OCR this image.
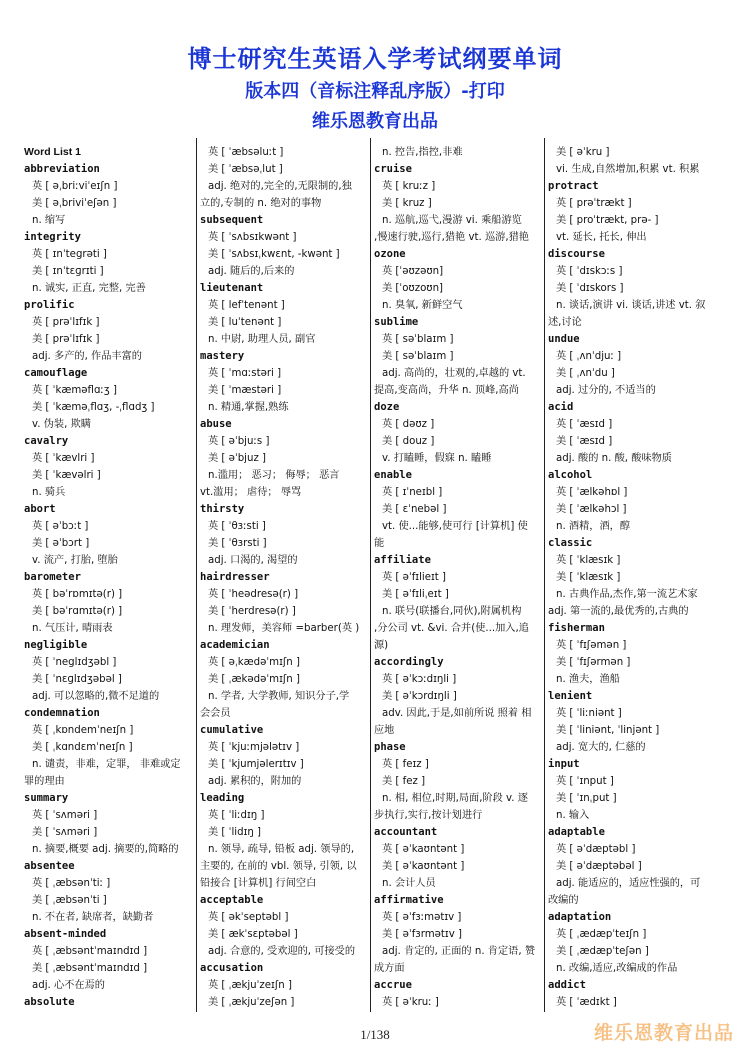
博士研究生英语入学考试纲要单词
版本四（音标注释乱序版）-打印
维乐恩教育出品
Word List 1
abbreviation
英 [ əˌbriːviˈeɪʃn ]
美 [ əˌbriviˈeʃən ]
n. 缩写
integrity
英 [ ɪnˈtegrəti ]
美 [ ɪnˈtɛɡrɪti ]
n. 诚实, 正直, 完整, 完善
prolific
英 [ prəˈlɪfɪk ]
美 [ prəˈlɪfɪk ]
adj. 多产的, 作品丰富的
camouflage
英 [ ˈkæməflɑːʒ ]
美 [ ˈkæməˌflɑʒ, -ˌflɑdʒ ]
v. 伪装, 欺瞒
cavalry
英 [ ˈkævlri ]
美 [ ˈkævəlri ]
n. 骑兵
abort
英 [ əˈbɔːt ]
美 [ əˈbɔrt ]
v. 流产, 打胎, 堕胎
barometer
英 [ bəˈrɒmɪtə(r) ]
美 [ bəˈrɑmɪtə(r) ]
n. 气压计, 晴雨表
negligible
英 [ ˈneglɪdʒəbl ]
美 [ ˈnɛɡlɪdʒəbəl ]
adj. 可以忽略的,微不足道的
condemnation
英 [ ˌkɒndemˈneɪʃn ]
美 [ ˌkɑndɛmˈneɪʃn ]
n. 谴责，非难，定罪， 非难或定
罪的理由
summary
英 [ ˈsʌməri ]
美 [ ˈsʌməri ]
n. 摘要,概要 adj. 摘要的,简略的
absentee
英 [ ˌæbsənˈtiː ]
美 [ ˌæbsənˈti ]
n. 不在者, 缺席者，缺勤者
absent-minded
英 [ ˌæbsəntˈmaɪndɪd ]
美 [ ˌæbsəntˈmaɪndɪd ]
adj. 心不在焉的
absolute
英 [ ˈæbsəluːt ]
美 [ ˈæbsəˌlut ]
adj. 绝对的,完全的,无限制的,独
立的,专制的 n. 绝对的事物
subsequent
英 [ ˈsʌbsɪkwənt ]
美 [ ˈsʌbsɪˌkwɛnt, -kwənt ]
adj. 随后的,后来的
lieutenant
英 [ lefˈtenənt ]
美 [ luˈtenənt ]
n. 中尉, 助理人员, 副官
mastery
英 [ ˈmɑːstəri ]
美 [ ˈmæstəri ]
n. 精通,掌握,熟练
abuse
英 [ əˈbjuːs ]
美 [ əˈbjuz ]
n.滥用； 恶习； 侮辱； 恶言
vt.滥用； 虐待； 辱骂
thirsty
英 [ ˈθɜːsti ]
美 [ ˈθɜrsti ]
adj. 口渴的, 渴望的
hairdresser
英 [ ˈheədresə(r) ]
美 [ ˈherdresə(r) ]
n. 理发师，美容师 =barber(英 )
academician
英 [ əˌkædəˈmɪʃn ]
美 [ ˌækədəˈmɪʃn ]
n. 学者, 大学教师, 知识分子,学
会会员
cumulative
英 [ ˈkjuːmjələtɪv ]
美 [ ˈkjumjəlerɪtɪv ]
adj. 累积的，附加的
leading
英 [ ˈliːdɪŋ ]
美 [ ˈlidɪŋ ]
n. 领导, 疏导, 铅板 adj. 领导的,
主要的, 在前的 vbl. 领导, 引领, 以
铅接合 [计算机] 行间空白
acceptable
英 [ əkˈseptəbl ]
美 [ ækˈsɛptəbəl ]
adj. 合意的, 受欢迎的, 可接受的
accusation
英 [ ˌækjuˈzeɪʃn ]
美 [ ˌækjuˈzeʃən ]
n. 控告,指控,非难
cruise
英 [ kruːz ]
美 [ kruz ]
n. 巡航,巡弋,漫游 vi. 乘船游览
,慢速行驶,巡行,猎艳 vt. 巡游,猎艳
ozone
英 [ˈəʊzəʊn]
美 [ˈoʊzoʊn]
n. 臭氧, 新鲜空气
sublime
英 [ səˈblaɪm ]
美 [ səˈblaɪm ]
adj. 高尚的，壮观的,卓越的 vt.
提高,变高尚，升华 n. 顶峰,高尚
doze
英 [ dəʊz ]
美 [ douz ]
v. 打瞌睡，假寐 n. 瞌睡
enable
英 [ ɪˈneɪbl ]
美 [ ɛˈnebəl ]
vt. 使...能够,使可行 [计算机] 使
能
affiliate
英 [ əˈfɪlieɪt ]
美 [ əˈfɪliˌeɪt ]
n. 联号(联播台,同伙),附属机构
,分公司 vt. &vi. 合并(使...加入,追
源)
accordingly
英 [ əˈkɔːdɪŋli ]
美 [ əˈkɔrdɪŋli ]
adv. 因此,于是,如前所说 照着 相
应地
phase
英 [ feɪz ]
美 [ fez ]
n. 相, 相位,时期,局面,阶段 v. 逐
步执行,实行,按计划进行
accountant
英 [ əˈkaʊntənt ]
美 [ əˈkaʊntənt ]
n. 会计人员
affirmative
英 [ əˈfɜːmətɪv ]
美 [ əˈfɜrmətɪv ]
adj. 肯定的, 正面的 n. 肯定语, 赞
成方面
accrue
英 [ əˈkruː ]
美 [ əˈkru ]
vi. 生成,自然增加,积累 vt. 积累
protract
英 [ prəˈtrækt ]
美 [ proˈtrækt, prə- ]
vt. 延长, 托长, 伸出
discourse
英 [ ˈdɪskɔːs ]
美 [ ˈdɪskors ]
n. 谈话,演讲 vi. 谈话,讲述 vt. 叙
述,讨论
undue
英 [ ˌʌnˈdjuː ]
美 [ ˌʌnˈdu ]
adj. 过分的, 不适当的
acid
英 [ ˈæsɪd ]
美 [ ˈæsɪd ]
adj. 酸的 n. 酸, 酸味物质
alcohol
英 [ ˈælkəhɒl ]
美 [ ˈælkəhɔl ]
n. 酒精，酒，醇
classic
英 [ ˈklæsɪk ]
美 [ ˈklæsɪk ]
n. 古典作品,杰作,第一流艺术家
adj. 第一流的,最优秀的,古典的
fisherman
英 [ ˈfɪʃəmən ]
美 [ ˈfɪʃərmən ]
n. 渔夫，渔船
lenient
英 [ ˈliːniənt ]
美 [ ˈliniənt, ˈlinjənt ]
adj. 宽大的, 仁慈的
input
英 [ ˈɪnput ]
美 [ ˈɪnˌput ]
n. 输入
adaptable
英 [ əˈdæptəbl ]
美 [ əˈdæptəbəl ]
adj. 能适应的，适应性强的，可
改编的
adaptation
英 [ ˌædæpˈteɪʃn ]
美 [ ˌædæpˈteʃən ]
n. 改编,适应,改编成的作品
addict
英 [ ˈædɪkt ]
1/138	维乐恩教育出品
